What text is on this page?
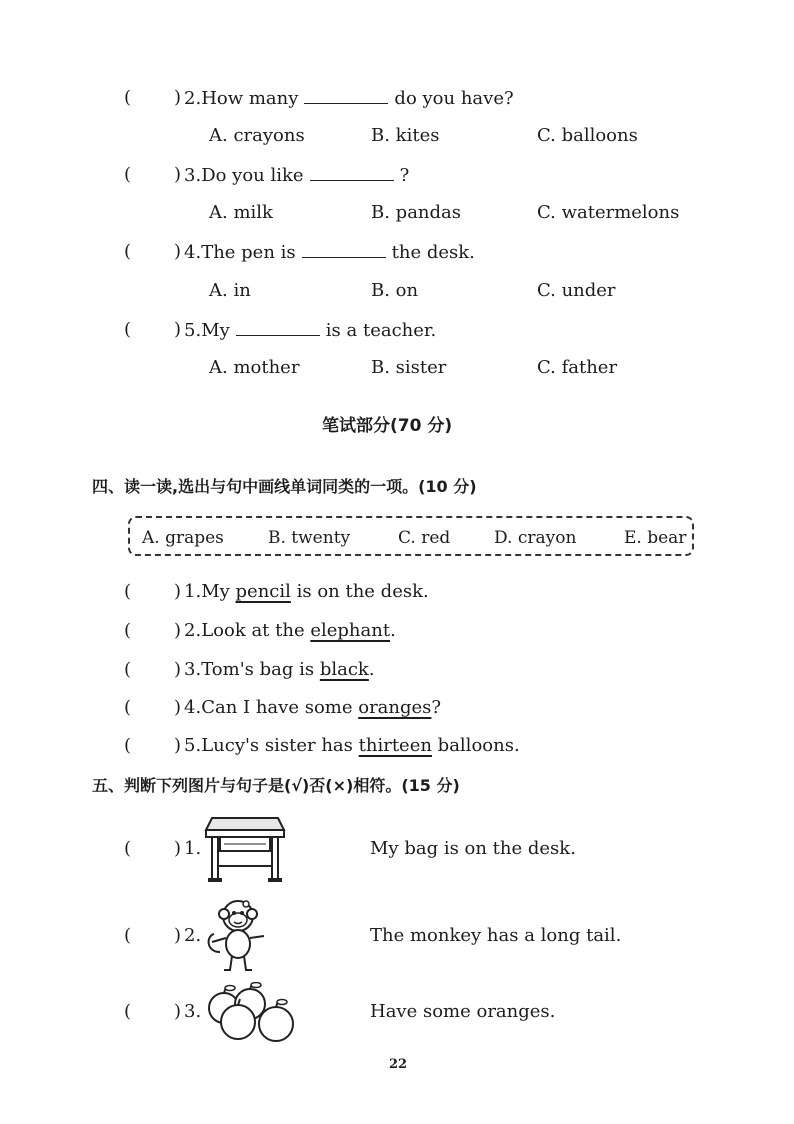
( ) 2.How many	do you have?
A. crayons	B. kites	C. balloons
( ) 3.Do you like	?
A. milk	B. pandas	C. watermelons
( ) 4.The pen is	the desk.
A. in	B. on	C. under
( ) 5.My	is a teacher.
A. mother	B. sister	C. father
笔试部分(70 分)
四、读一读,选出与句中画线单词同类的一项。(10 分)
A. grapes	B. twenty	C. red	D. crayon	E. bear
( ) 1.My pencil is on the desk.
( ) 2.Look at the elephant.
( ) 3.Tom's bag is black.
( ) 4.Can I have some oranges?
( ) 5.Lucy's sister has thirteen balloons.
五、判断下列图片与句子是(√)否(×)相符。(15 分)
( ) 1.	My bag is on the desk.
( ) 2.	The monkey has a long tail.
( ) 3.	Have some oranges.
22
